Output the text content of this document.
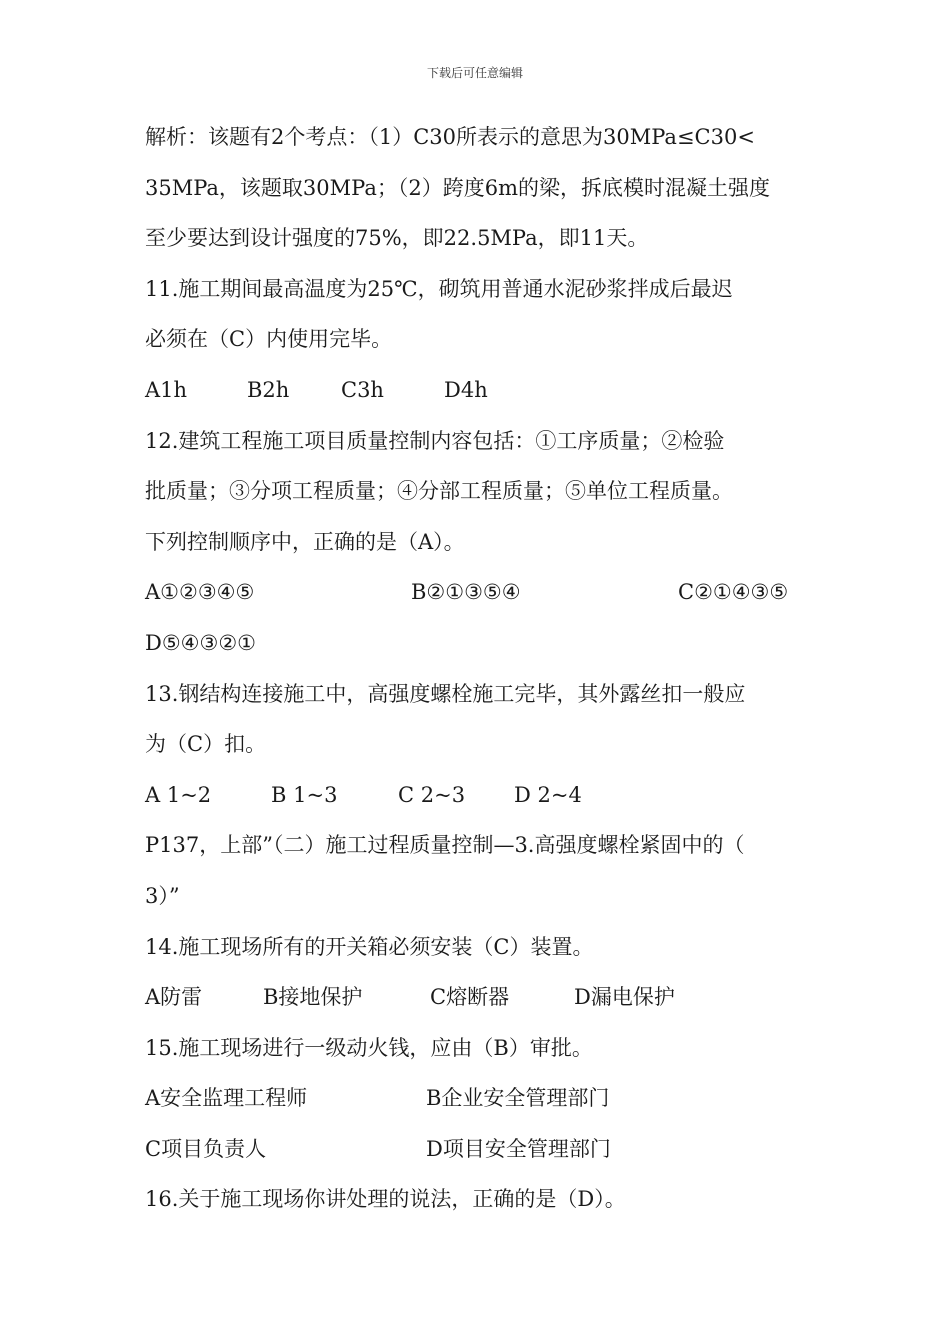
下载后可任意编辑
解析：该题有2个考点：（1）C30所表示的意思为30MPa≤C30<
35MPa，该题取30MPa；（2）跨度6m的梁，拆底模时混凝土强度
至少要达到设计强度的75%，即22.5MPa，即11天。
11.施工期间最高温度为25℃，砌筑用普通水泥砂浆拌成后最迟
必须在（C）内使用完毕。
A1h	B2h C3h	D4h
12.建筑工程施工项目质量控制内容包括：①工序质量；②检验
批质量；③分项工程质量；④分部工程质量；⑤单位工程质量。
下列控制顺序中，正确的是（A）。
A①②③④⑤	B②①③⑤④	C②①④③⑤
D⑤④③②①
13.钢结构连接施工中，高强度螺栓施工完毕，其外露丝扣一般应
为（C）扣。
A 1~2	B 1~3	C 2~3 D 2~4
P137，上部”（二）施工过程质量控制—3.高强度螺栓紧固中的（
3）”
14.施工现场所有的开关箱必须安装（C）装置。
A防雷	B接地保护	C熔断器	D漏电保护
15.施工现场进行一级动火钱，应由（B）审批。
A安全监理工程师	B企业安全管理部门
C项目负责人	D项目安全管理部门
16.关于施工现场你讲处理的说法，正确的是（D）。
